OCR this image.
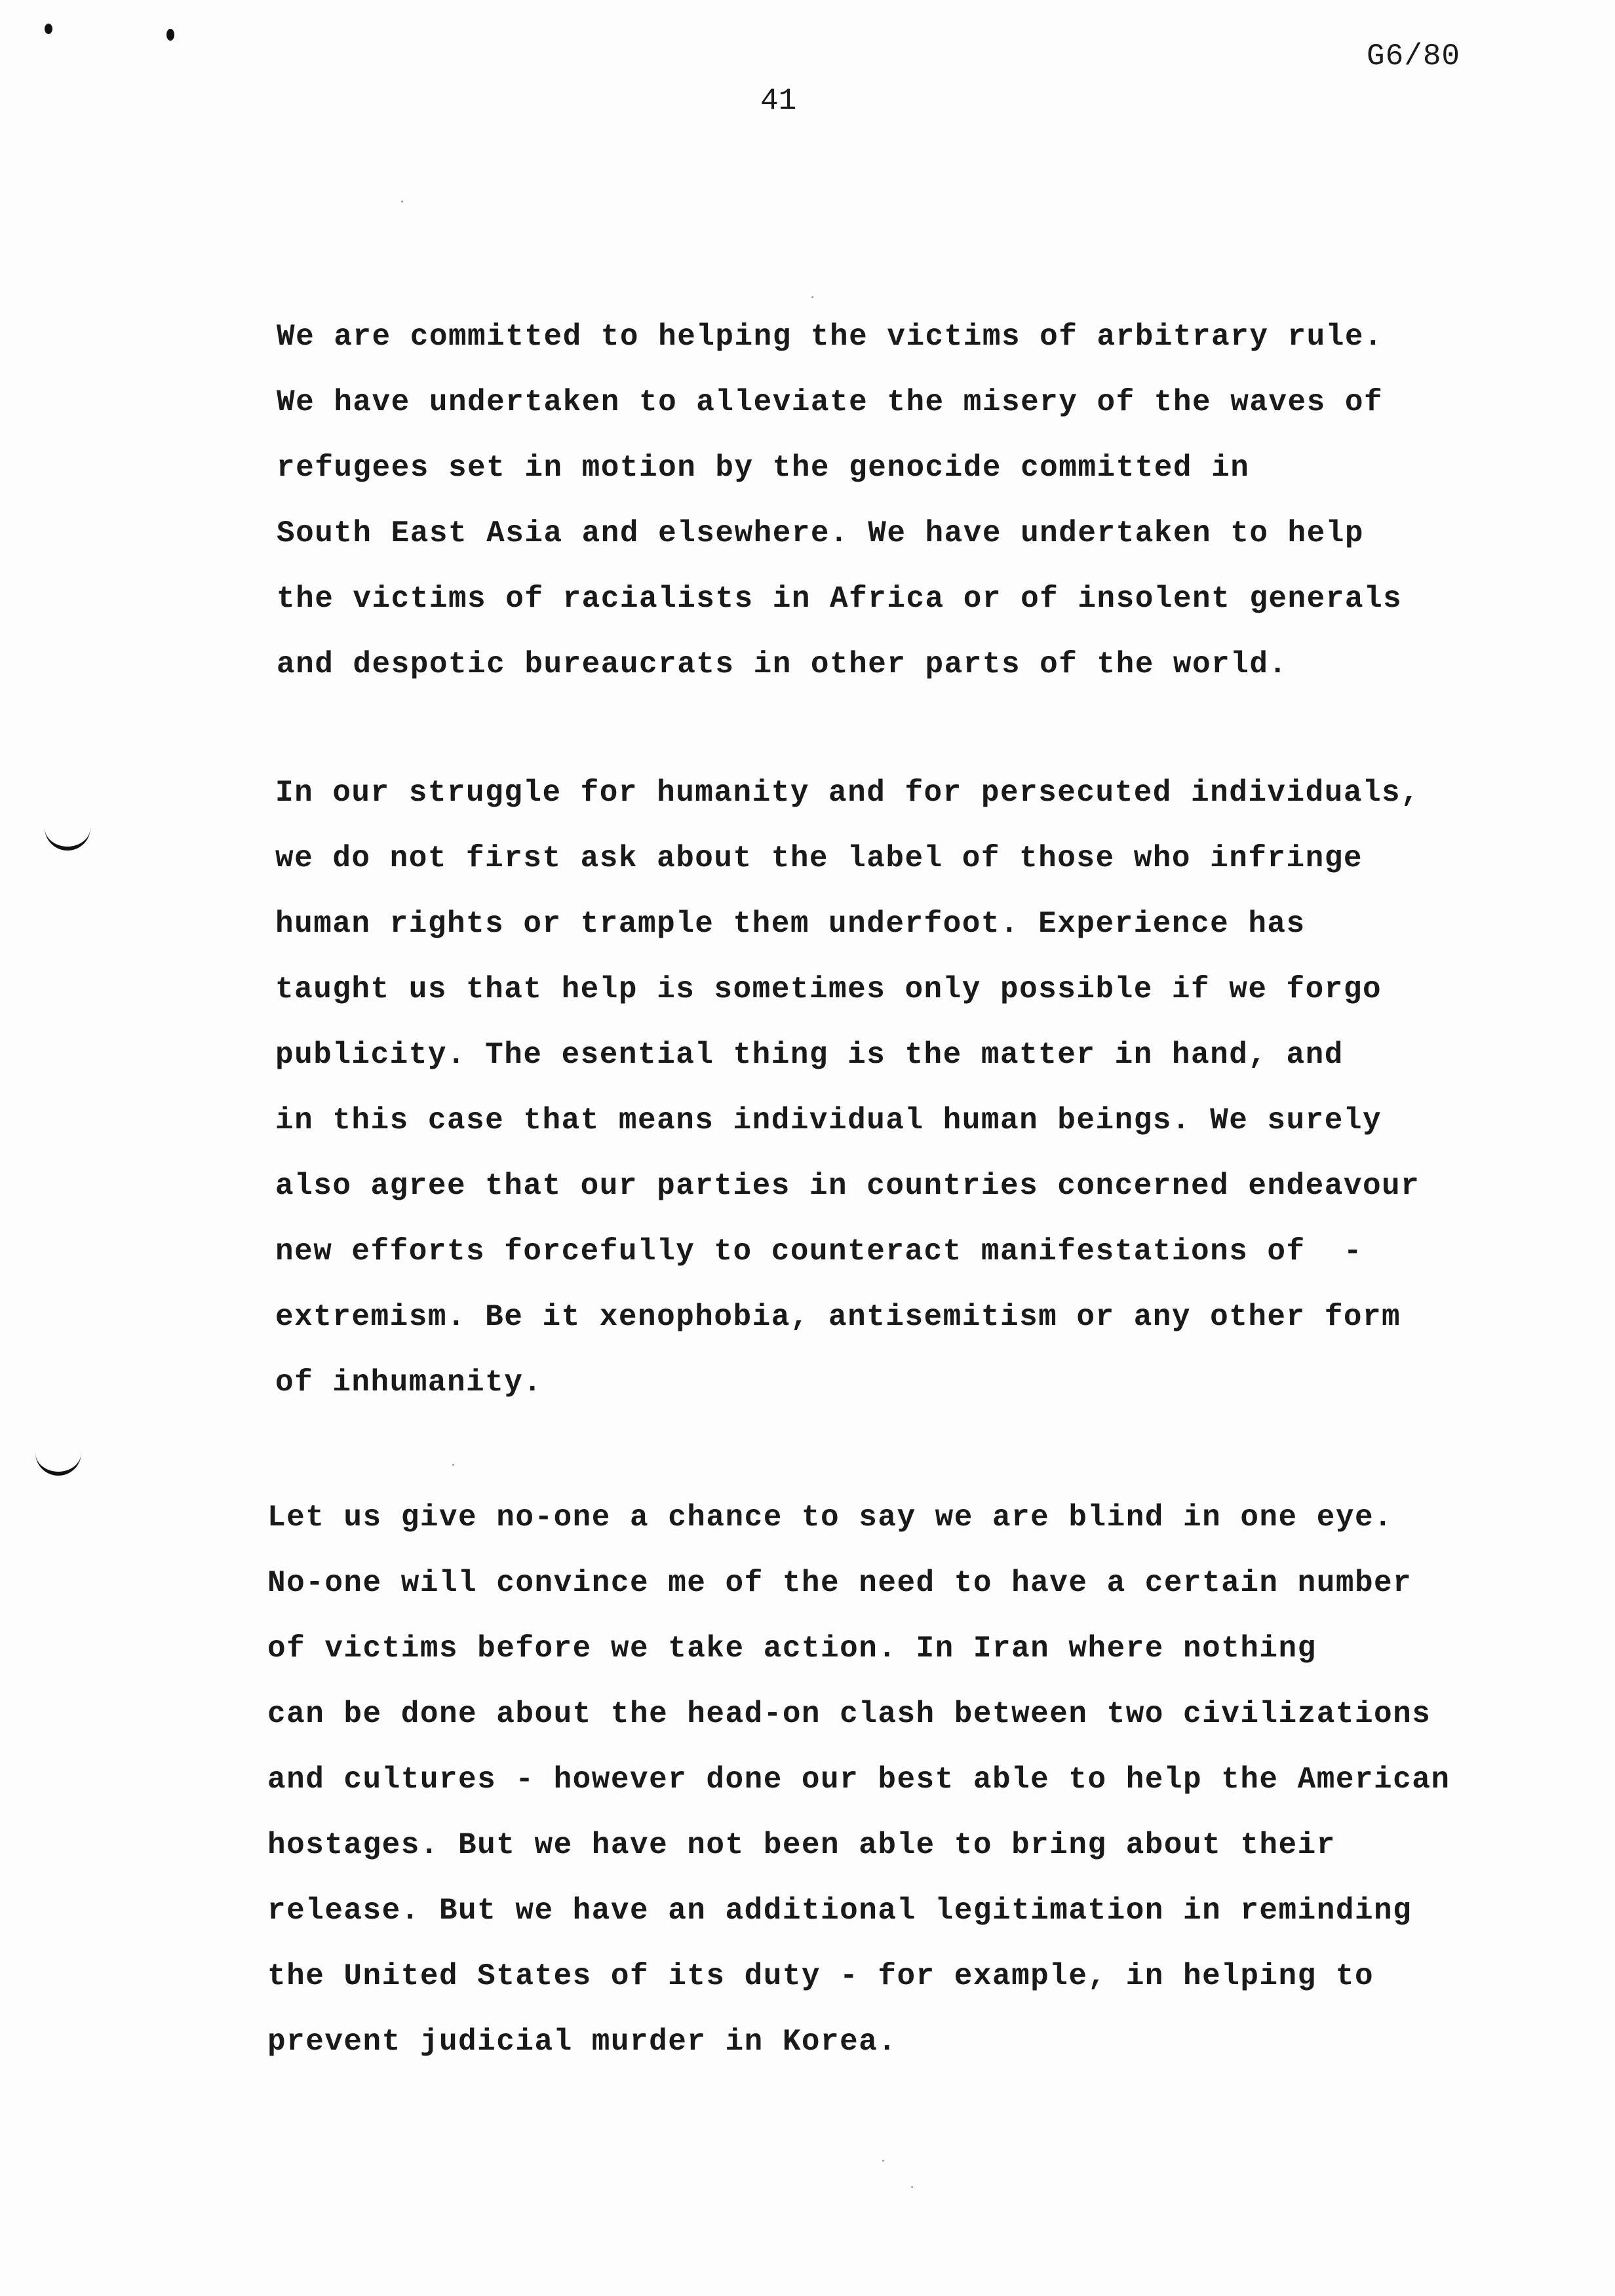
G6/80
41
We are committed to helping the victims of arbitrary rule.
We have undertaken to alleviate the misery of the waves of
refugees set in motion by the genocide committed in
South East Asia and elsewhere. We have undertaken to help
the victims of racialists in Africa or of insolent generals
and despotic bureaucrats in other parts of the world.
In our struggle for humanity and for persecuted individuals,
we do not first ask about the label of those who infringe
human rights or trample them underfoot. Experience has
taught us that help is sometimes only possible if we forgo
publicity. The esential thing is the matter in hand, and
in this case that means individual human beings. We surely
also agree that our parties in countries concerned endeavour
new efforts forcefully to counteract manifestations of  -
extremism. Be it xenophobia, antisemitism or any other form
of inhumanity.
Let us give no-one a chance to say we are blind in one eye.
No-one will convince me of the need to have a certain number
of victims before we take action. In Iran where nothing
can be done about the head-on clash between two civilizations
and cultures - however done our best able to help the American
hostages. But we have not been able to bring about their
release. But we have an additional legitimation in reminding
the United States of its duty - for example, in helping to
prevent judicial murder in Korea.
